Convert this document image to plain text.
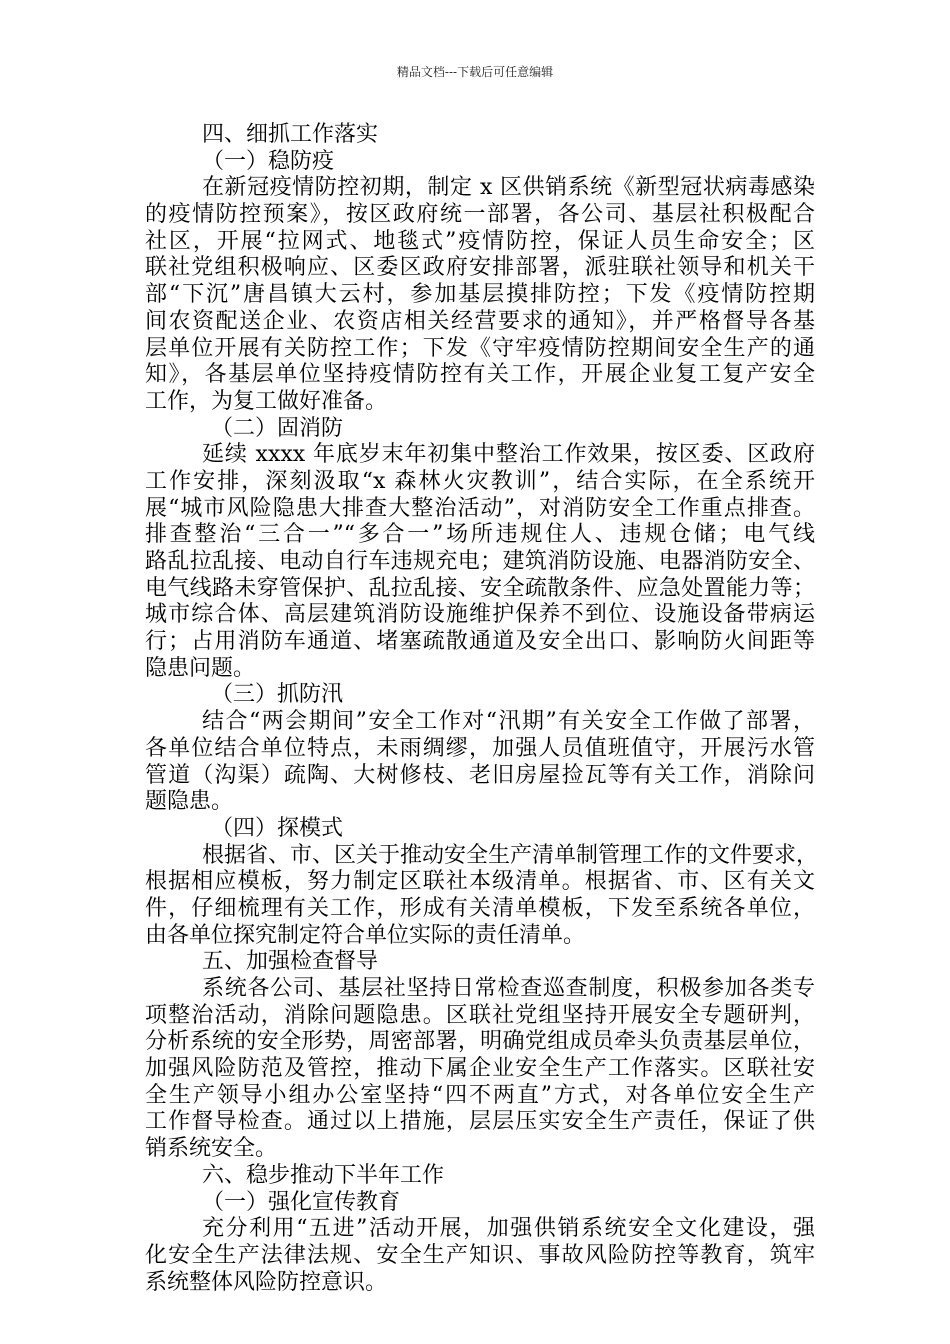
精品文档---下载后可任意编辑
四、细抓工作落实
（一）稳防疫
在新冠疫情防控初期，制定 x 区供销系统《新型冠状病毒感染
的疫情防控预案》，按区政府统一部署，各公司、基层社积极配合
社区，开展“拉网式、地毯式”疫情防控，保证人员生命安全；区
联社党组积极响应、区委区政府安排部署，派驻联社领导和机关干
部“下沉”唐昌镇大云村，参加基层摸排防控；下发《疫情防控期
间农资配送企业、农资店相关经营要求的通知》，并严格督导各基
层单位开展有关防控工作；下发《守牢疫情防控期间安全生产的通
知》，各基层单位坚持疫情防控有关工作，开展企业复工复产安全
工作，为复工做好准备。
（二）固消防
延续 xxxx 年底岁末年初集中整治工作效果，按区委、区政府
工作安排，深刻汲取“x 森林火灾教训”，结合实际，在全系统开
展“城市风险隐患大排查大整治活动”，对消防安全工作重点排查。
排查整治“三合一”“多合一”场所违规住人、违规仓储；电气线
路乱拉乱接、电动自行车违规充电；建筑消防设施、电器消防安全、
电气线路未穿管保护、乱拉乱接、安全疏散条件、应急处置能力等；
城市综合体、高层建筑消防设施维护保养不到位、设施设备带病运
行；占用消防车通道、堵塞疏散通道及安全出口、影响防火间距等
隐患问题。
（三）抓防汛
结合“两会期间”安全工作对“汛期”有关安全工作做了部署，
各单位结合单位特点，未雨绸缪，加强人员值班值守，开展污水管
管道（沟渠）疏陶、大树修枝、老旧房屋捡瓦等有关工作，消除问
题隐患。
（四）探模式
根据省、市、区关于推动安全生产清单制管理工作的文件要求，
根据相应模板，努力制定区联社本级清单。根据省、市、区有关文
件，仔细梳理有关工作，形成有关清单模板，下发至系统各单位，
由各单位探究制定符合单位实际的责任清单。
五、加强检查督导
系统各公司、基层社坚持日常检查巡查制度，积极参加各类专
项整治活动，消除问题隐患。区联社党组坚持开展安全专题研判，
分析系统的安全形势，周密部署，明确党组成员牵头负责基层单位，
加强风险防范及管控，推动下属企业安全生产工作落实。区联社安
全生产领导小组办公室坚持“四不两直”方式，对各单位安全生产
工作督导检查。通过以上措施，层层压实安全生产责任，保证了供
销系统安全。
六、稳步推动下半年工作
（一）强化宣传教育
充分利用“五进”活动开展，加强供销系统安全文化建设，强
化安全生产法律法规、安全生产知识、事故风险防控等教育，筑牢
系统整体风险防控意识。
